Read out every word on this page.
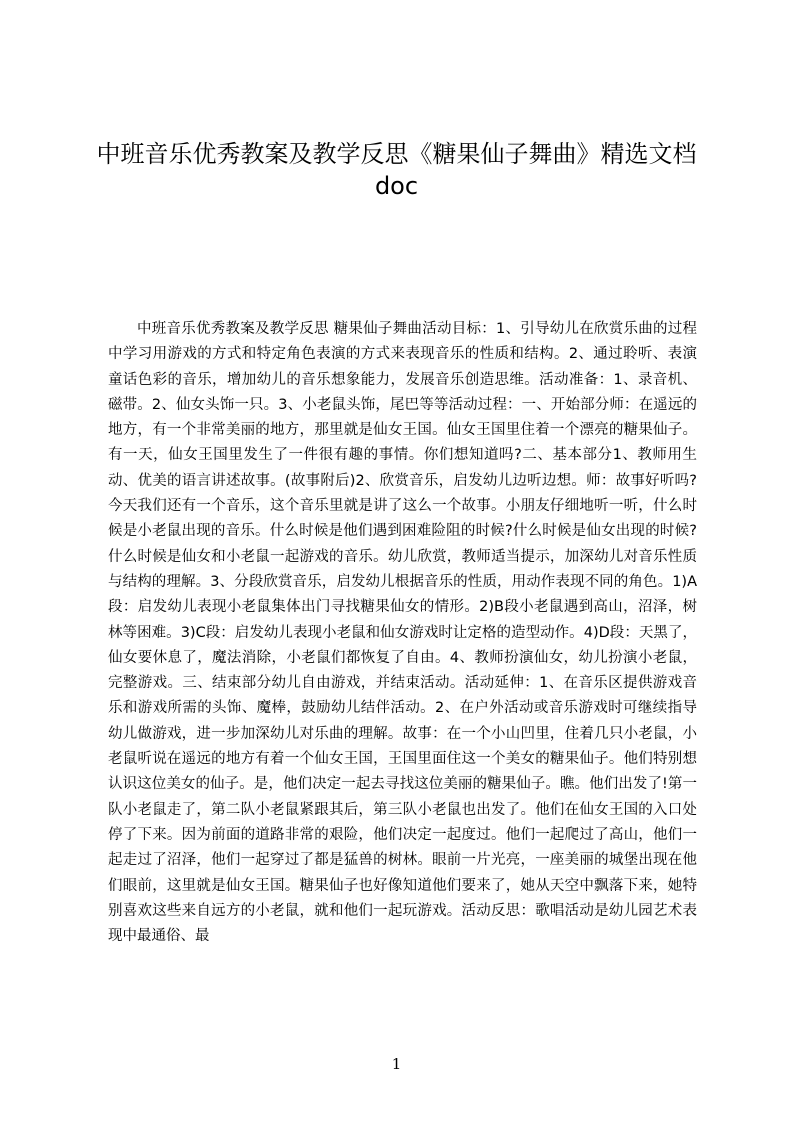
中班音乐优秀教案及教学反思《糖果仙子舞曲》精选文档
doc

中班音乐优秀教案及教学反思 糖果仙子舞曲活动目标：1、引导幼儿在欣赏乐曲的过程中学习用游戏的方式和特定角色表演的方式来表现音乐的性质和结构。2、通过聆听、表演童话色彩的音乐，增加幼儿的音乐想象能力，发展音乐创造思维。活动准备：1、录音机、磁带。2、仙女头饰一只。3、小老鼠头饰，尾巴等等活动过程：一、开始部分师：在遥远的地方，有一个非常美丽的地方，那里就是仙女王国。仙女王国里住着一个漂亮的糖果仙子。有一天，仙女王国里发生了一件很有趣的事情。你们想知道吗?二、基本部分1、教师用生动、优美的语言讲述故事。(故事附后)2、欣赏音乐，启发幼儿边听边想。师：故事好听吗?今天我们还有一个音乐，这个音乐里就是讲了这么一个故事。小朋友仔细地听一听，什么时候是小老鼠出现的音乐。什么时候是他们遇到困难险阻的时候?什么时候是仙女出现的时候?什么时候是仙女和小老鼠一起游戏的音乐。幼儿欣赏，教师适当提示，加深幼儿对音乐性质与结构的理解。3、分段欣赏音乐，启发幼儿根据音乐的性质，用动作表现不同的角色。1)A段：启发幼儿表现小老鼠集体出门寻找糖果仙女的情形。2)B段小老鼠遇到高山，沼泽，树林等困难。3)C段：启发幼儿表现小老鼠和仙女游戏时让定格的造型动作。4)D段：天黑了，仙女要休息了，魔法消除，小老鼠们都恢复了自由。4、教师扮演仙女，幼儿扮演小老鼠，完整游戏。三、结束部分幼儿自由游戏，并结束活动。活动延伸：1、在音乐区提供游戏音乐和游戏所需的头饰、魔棒，鼓励幼儿结伴活动。2、在户外活动或音乐游戏时可继续指导幼儿做游戏，进一步加深幼儿对乐曲的理解。故事：在一个小山凹里，住着几只小老鼠，小老鼠听说在遥远的地方有着一个仙女王国，王国里面住这一个美女的糖果仙子。他们特别想认识这位美女的仙子。是，他们决定一起去寻找这位美丽的糖果仙子。瞧。他们出发了!第一队小老鼠走了，第二队小老鼠紧跟其后，第三队小老鼠也出发了。他们在仙女王国的入口处停了下来。因为前面的道路非常的艰险，他们决定一起度过。他们一起爬过了高山，他们一起走过了沼泽，他们一起穿过了都是猛兽的树林。眼前一片光亮，一座美丽的城堡出现在他们眼前，这里就是仙女王国。糖果仙子也好像知道他们要来了，她从天空中飘落下来，她特别喜欢这些来自远方的小老鼠，就和他们一起玩游戏。活动反思：歌唱活动是幼儿园艺术表现中最通俗、最

1
